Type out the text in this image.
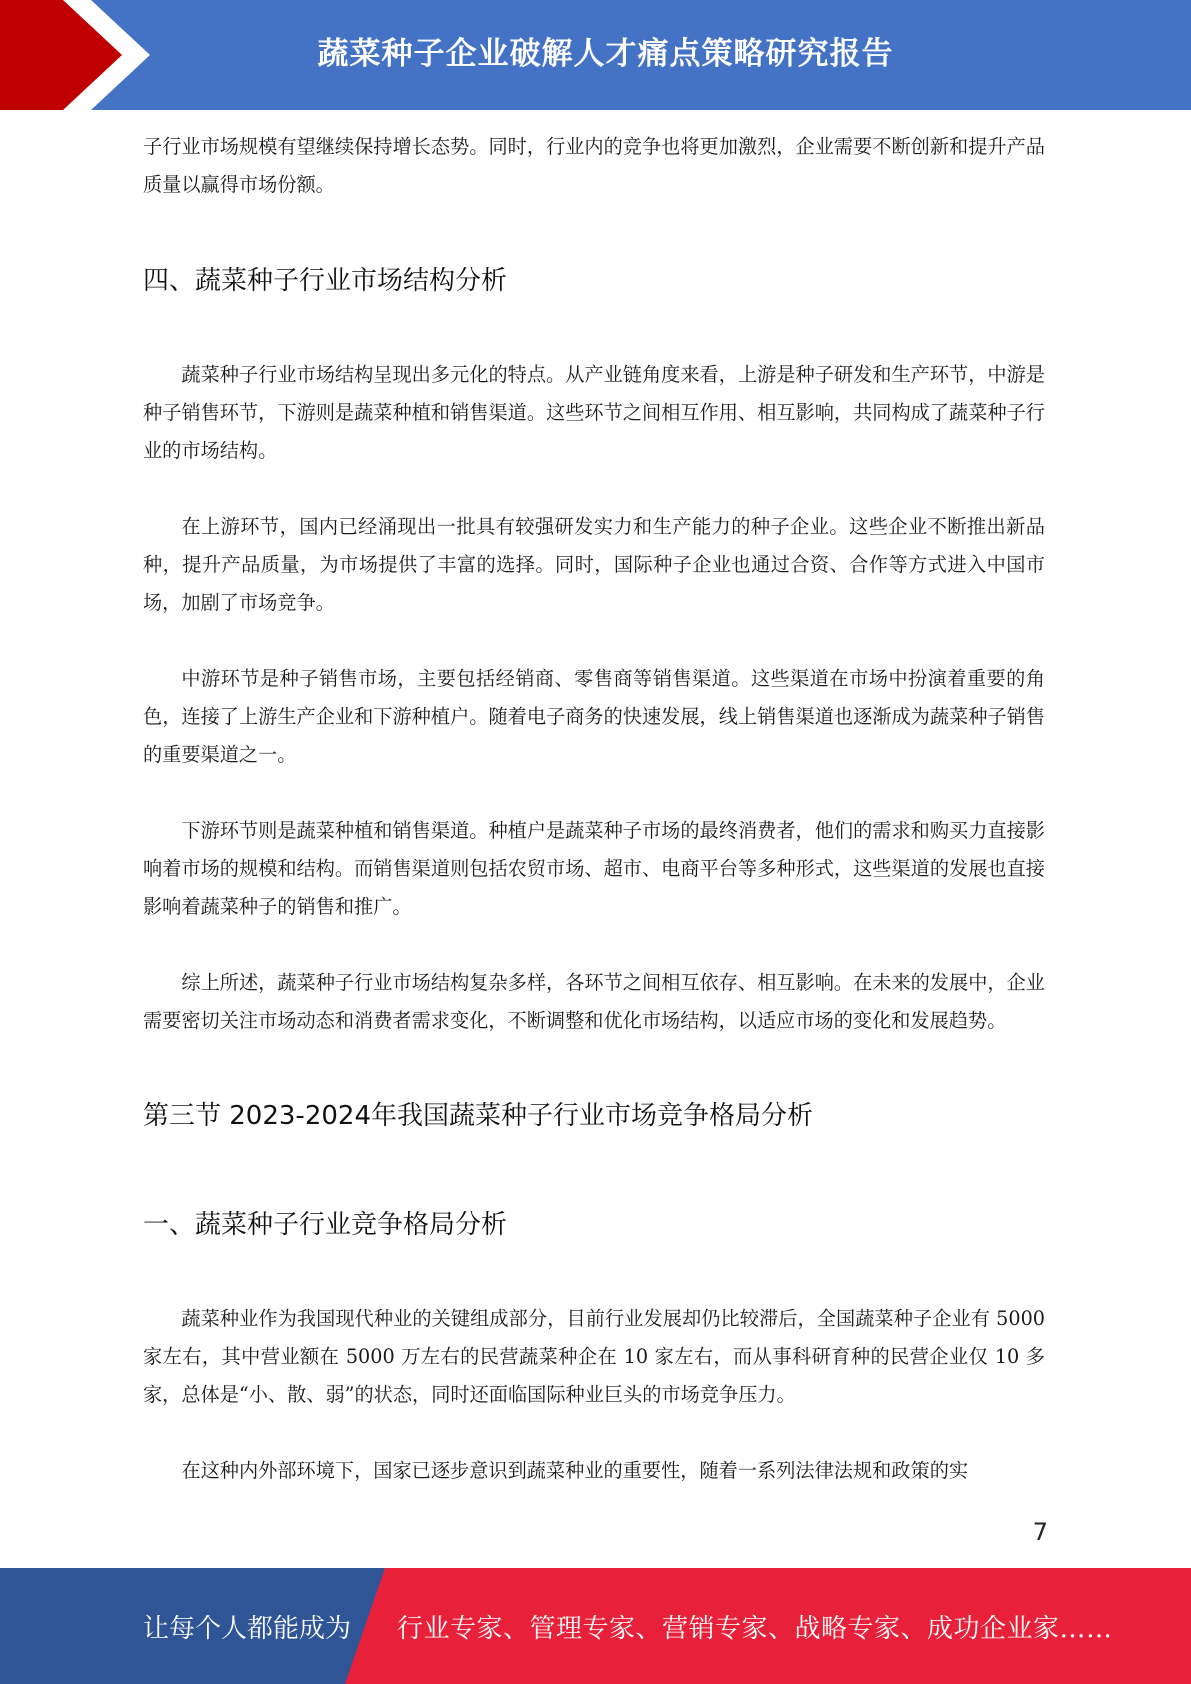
蔬菜种子企业破解人才痛点策略研究报告

子行业市场规模有望继续保持增长态势。同时，行业内的竞争也将更加激烈，企业需要不断创新和提升产品质量以赢得市场份额。

四、蔬菜种子行业市场结构分析

蔬菜种子行业市场结构呈现出多元化的特点。从产业链角度来看，上游是种子研发和生产环节，中游是种子销售环节，下游则是蔬菜种植和销售渠道。这些环节之间相互作用、相互影响，共同构成了蔬菜种子行业的市场结构。

在上游环节，国内已经涌现出一批具有较强研发实力和生产能力的种子企业。这些企业不断推出新品种，提升产品质量，为市场提供了丰富的选择。同时，国际种子企业也通过合资、合作等方式进入中国市场，加剧了市场竞争。

中游环节是种子销售市场，主要包括经销商、零售商等销售渠道。这些渠道在市场中扮演着重要的角色，连接了上游生产企业和下游种植户。随着电子商务的快速发展，线上销售渠道也逐渐成为蔬菜种子销售的重要渠道之一。

下游环节则是蔬菜种植和销售渠道。种植户是蔬菜种子市场的最终消费者，他们的需求和购买力直接影响着市场的规模和结构。而销售渠道则包括农贸市场、超市、电商平台等多种形式，这些渠道的发展也直接影响着蔬菜种子的销售和推广。

综上所述，蔬菜种子行业市场结构复杂多样，各环节之间相互依存、相互影响。在未来的发展中，企业需要密切关注市场动态和消费者需求变化，不断调整和优化市场结构，以适应市场的变化和发展趋势。

第三节 2023-2024年我国蔬菜种子行业市场竞争格局分析
一、蔬菜种子行业竞争格局分析

蔬菜种业作为我国现代种业的关键组成部分，目前行业发展却仍比较滞后，全国蔬菜种子企业有 5000 家左右，其中营业额在 5000 万左右的民营蔬菜种企在 10 家左右，而从事科研育种的民营企业仅 10 多家，总体是“小、散、弱”的状态，同时还面临国际种业巨头的市场竞争压力。

在这种内外部环境下，国家已逐步意识到蔬菜种业的重要性，随着一系列法律法规和政策的实

7
让每个人都能成为 行业专家、管理专家、营销专家、战略专家、成功企业家……
